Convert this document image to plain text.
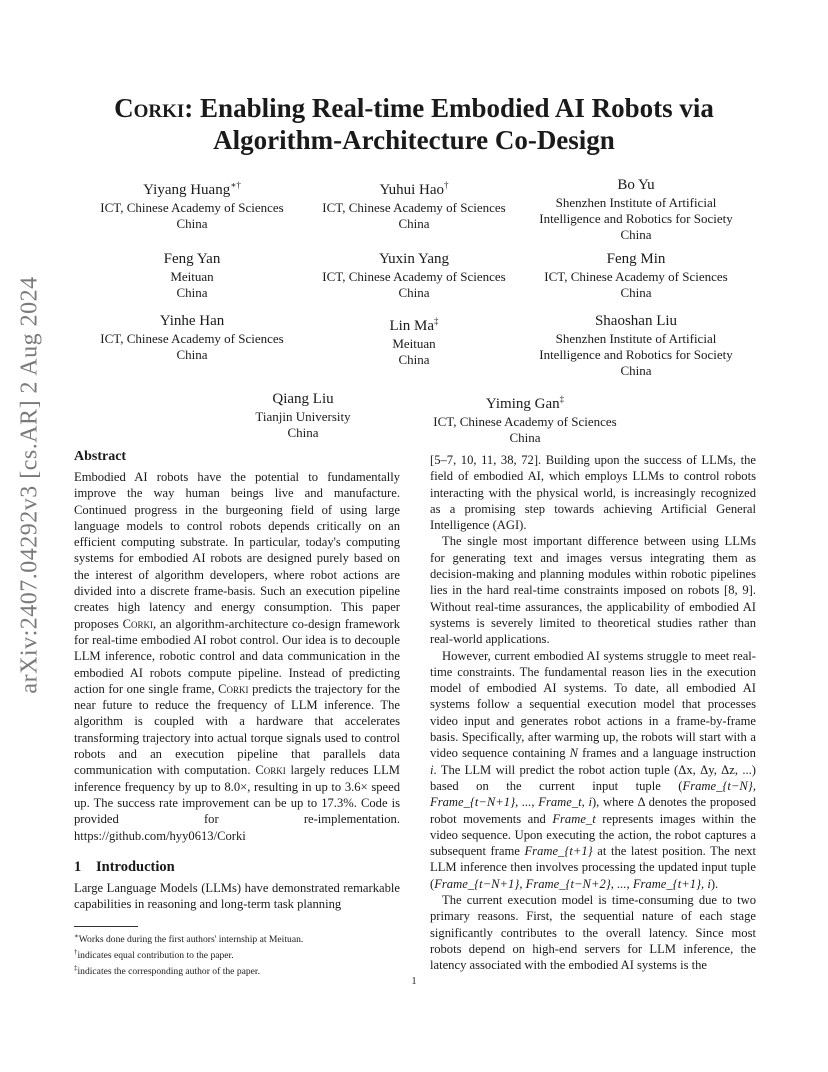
arXiv:2407.04292v3 [cs.AR] 2 Aug 2024
Corki: Enabling Real-time Embodied AI Robots via
Algorithm-Architecture Co-Design
Yiyang Huang∗†
ICT, Chinese Academy of Sciences
China
Yuhui Hao†
ICT, Chinese Academy of Sciences
China
Bo Yu
Shenzhen Institute of Artificial
Intelligence and Robotics for Society
China
Feng Yan
Meituan
China
Yuxin Yang
ICT, Chinese Academy of Sciences
China
Feng Min
ICT, Chinese Academy of Sciences
China
Yinhe Han
ICT, Chinese Academy of Sciences
China
Lin Ma‡
Meituan
China
Shaoshan Liu
Shenzhen Institute of Artificial
Intelligence and Robotics for Society
China
Qiang Liu
Tianjin University
China
Yiming Gan‡
ICT, Chinese Academy of Sciences
China
Abstract

Embodied AI robots have the potential to fundamentally improve the way human beings live and manufacture. Continued progress in the burgeoning field of using large language models to control robots depends critically on an efficient computing substrate. In particular, today's computing systems for embodied AI robots are designed purely based on the interest of algorithm developers, where robot actions are divided into a discrete frame-basis. Such an execution pipeline creates high latency and energy consumption. This paper proposes Corki, an algorithm-architecture co-design framework for real-time embodied AI robot control. Our idea is to decouple LLM inference, robotic control and data communication in the embodied AI robots compute pipeline. Instead of predicting action for one single frame, Corki predicts the trajectory for the near future to reduce the frequency of LLM inference. The algorithm is coupled with a hardware that accelerates transforming trajectory into actual torque signals used to control robots and an execution pipeline that parallels data communication with computation. Corki largely reduces LLM inference frequency by up to 8.0×, resulting in up to 3.6× speed up. The success rate improvement can be up to 17.3%. Code is provided for re-implementation. https://github.com/hyy0613/Corki

1 Introduction

Large Language Models (LLMs) have demonstrated remarkable capabilities in reasoning and long-term task planning

[5–7, 10, 11, 38, 72]. Building upon the success of LLMs, the field of embodied AI, which employs LLMs to control robots interacting with the physical world, is increasingly recognized as a promising step towards achieving Artificial General Intelligence (AGI).

The single most important difference between using LLMs for generating text and images versus integrating them as decision-making and planning modules within robotic pipelines lies in the hard real-time constraints imposed on robots [8, 9]. Without real-time assurances, the applicability of embodied AI systems is severely limited to theoretical studies rather than real-world applications.

However, current embodied AI systems struggle to meet real-time constraints. The fundamental reason lies in the execution model of embodied AI systems. To date, all embodied AI systems follow a sequential execution model that processes video input and generates robot actions in a frame-by-frame basis. Specifically, after warming up, the robots will start with a video sequence containing N frames and a language instruction i. The LLM will predict the robot action tuple (Δx, Δy, Δz, ...) based on the current input tuple (Frame_{t−N}, Frame_{t−N+1}, ..., Frame_t, i), where Δ denotes the proposed robot movements and Frame_t represents images within the video sequence. Upon executing the action, the robot captures a subsequent frame Frame_{t+1} at the latest position. The next LLM inference then involves processing the updated input tuple (Frame_{t−N+1}, Frame_{t−N+2}, ..., Frame_{t+1}, i).

The current execution model is time-consuming due to two primary reasons. First, the sequential nature of each stage significantly contributes to the overall latency. Since most robots depend on high-end servers for LLM inference, the latency associated with the embodied AI systems is the

∗Works done during the first authors' internship at Meituan.
†indicates equal contribution to the paper.
‡indicates the corresponding author of the paper.
1
